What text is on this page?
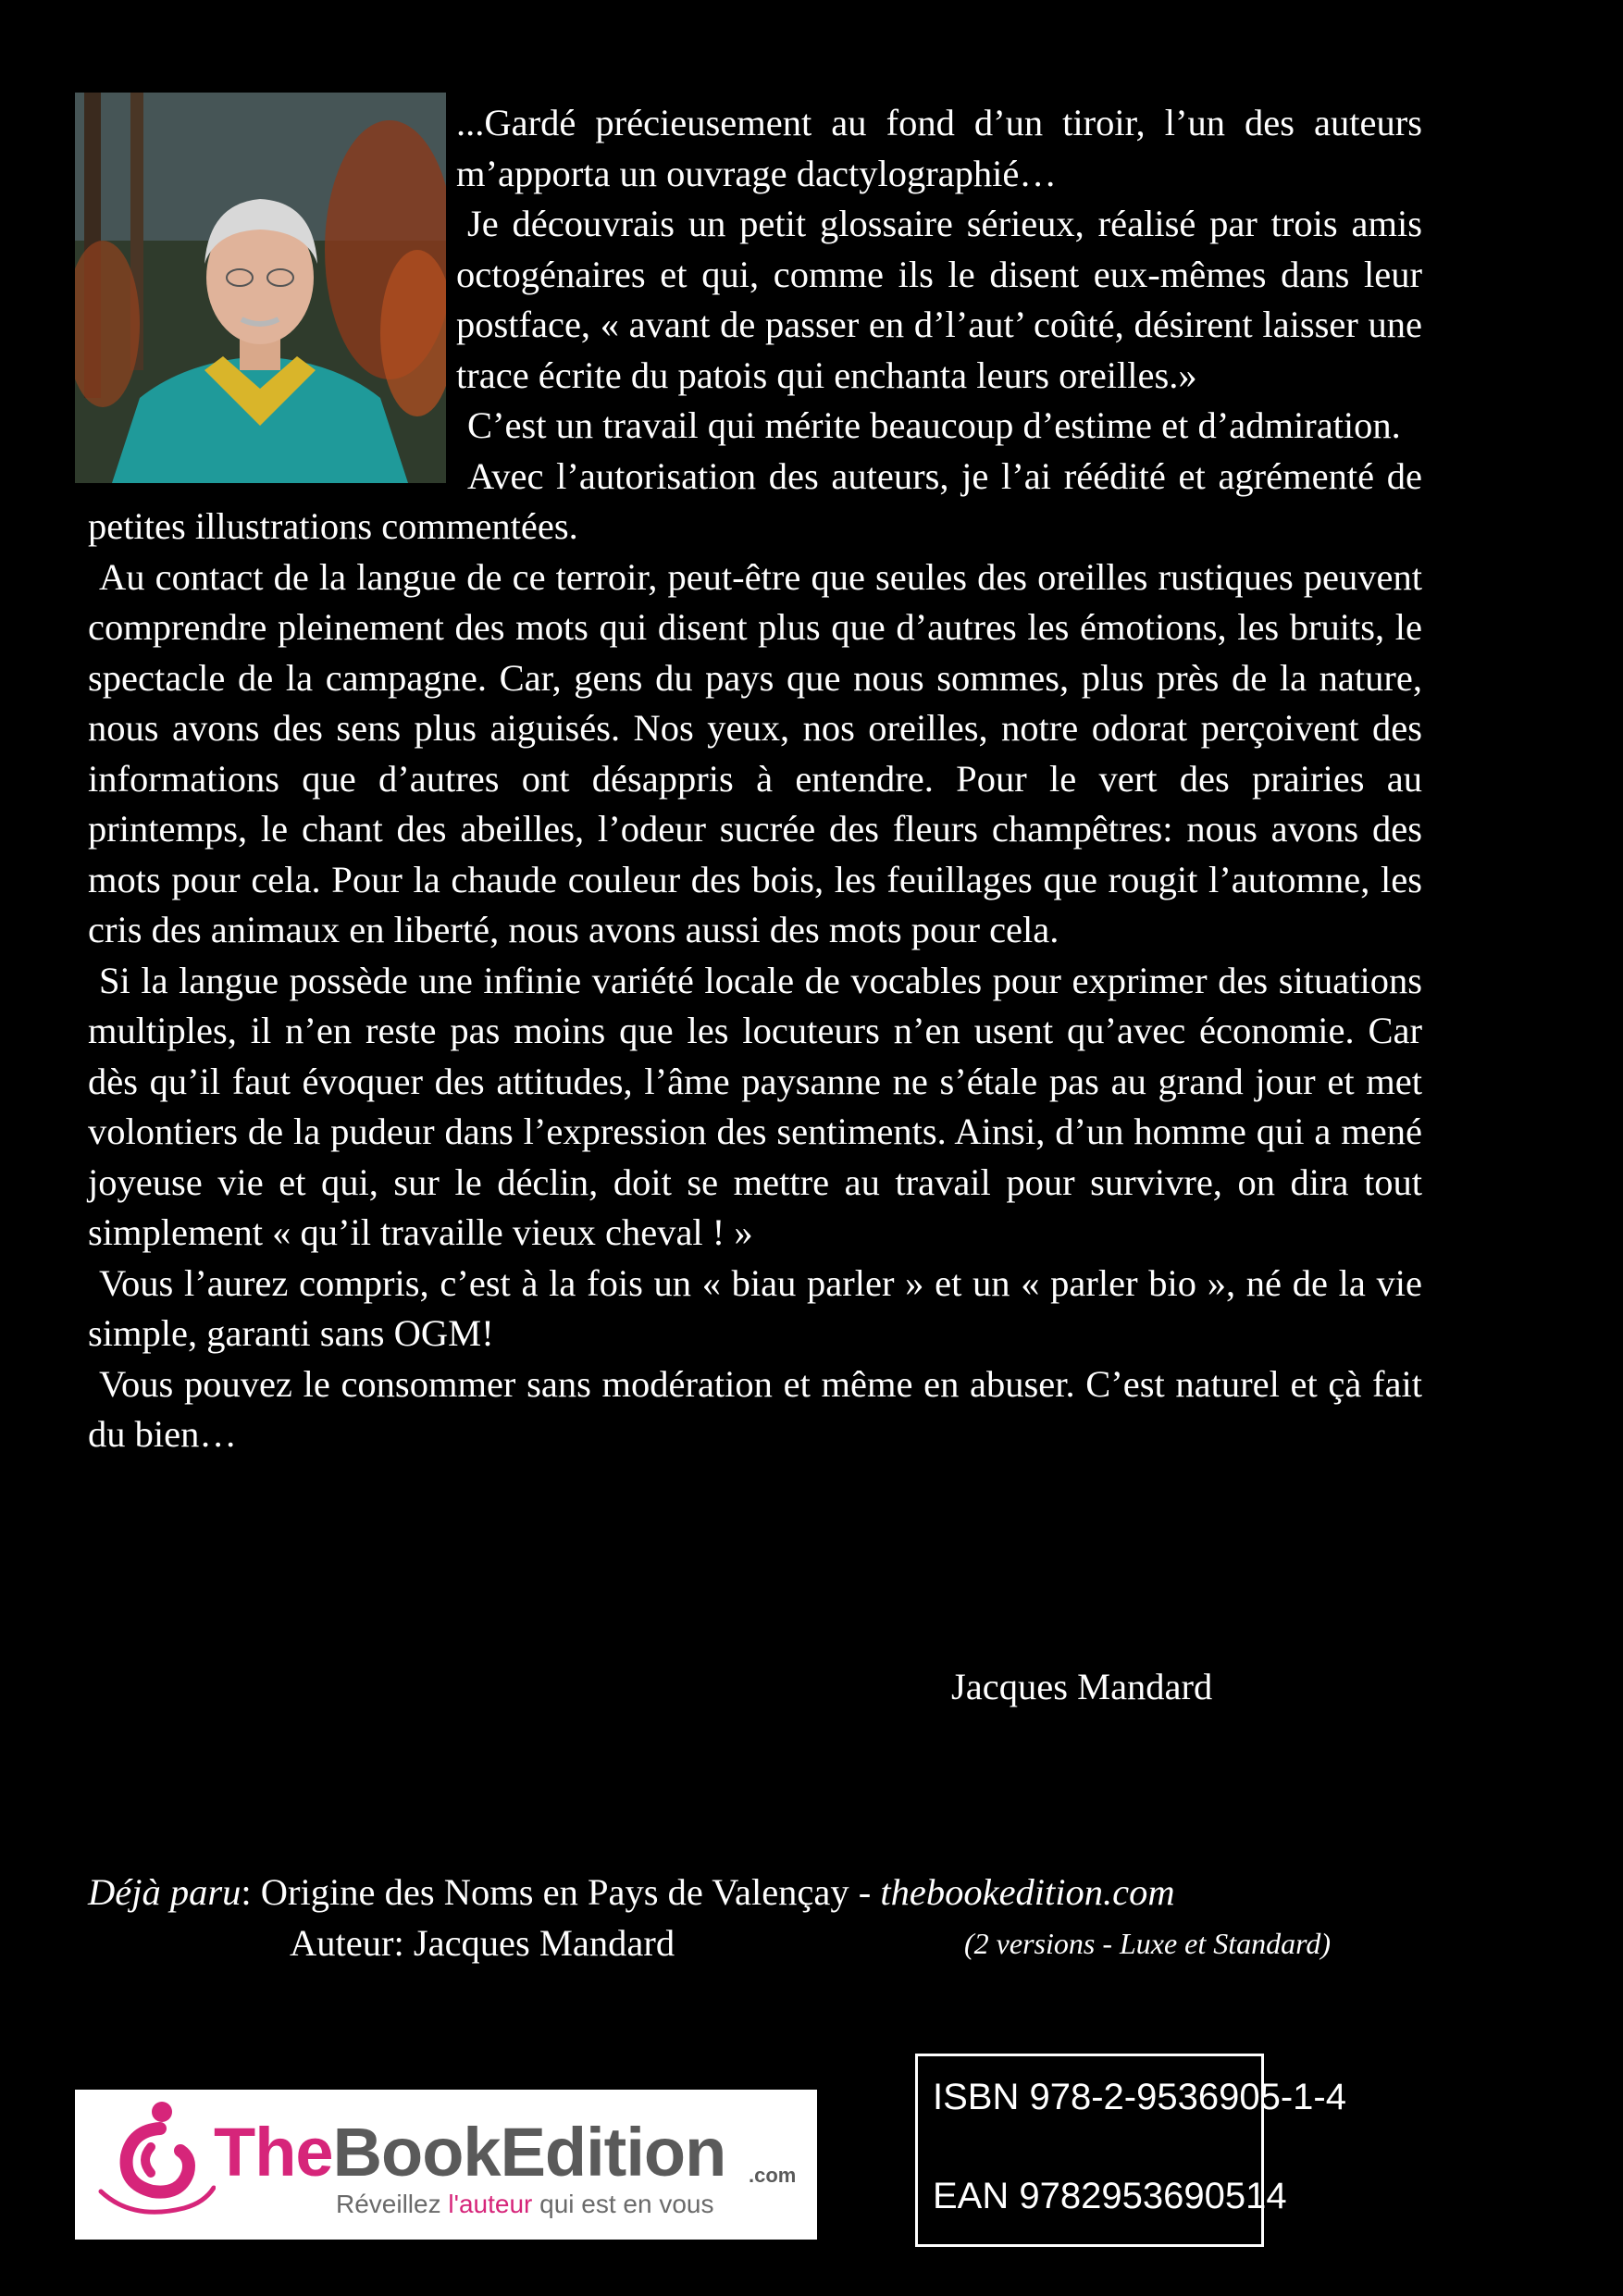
...Gardé précieusement au fond d’un tiroir, l’un des auteurs m’apporta un ouvrage dactylographié…

Je découvrais un petit glossaire sérieux, réalisé par trois amis octogénaires et qui, comme ils le disent eux-mêmes dans leur postface, « avant de passer en d’l’aut’ coûté, désirent laisser une trace écrite du patois qui enchanta leurs oreilles.»

C’est un travail qui mérite beaucoup d’estime et d’admiration.

Avec l’autorisation des auteurs, je l’ai réédité et agrémenté de petites illustrations commentées.

Au contact de la langue de ce terroir, peut-être que seules des oreilles rustiques peuvent comprendre pleinement des mots qui disent plus que d’autres les émotions, les bruits, le spectacle de la campagne. Car, gens du pays que nous sommes, plus près de la nature, nous avons des sens plus aiguisés. Nos yeux, nos oreilles, notre odorat perçoivent des informations que d’autres ont désappris à entendre. Pour le vert des prairies au printemps, le chant des abeilles, l’odeur sucrée des fleurs champêtres: nous avons des mots pour cela. Pour la chaude couleur des bois, les feuillages que rougit l’automne, les cris des animaux en liberté, nous avons aussi des mots pour cela.

Si la langue possède une infinie variété locale de vocables pour exprimer des situations multiples, il n’en reste pas moins que les locuteurs n’en usent qu’avec économie. Car dès qu’il faut évoquer des attitudes, l’âme paysanne ne s’étale pas au grand jour et met volontiers de la pudeur dans l’expression des sentiments. Ainsi, d’un homme qui a mené joyeuse vie et qui, sur le déclin, doit se mettre au travail pour survivre, on dira tout simplement « qu’il travaille vieux cheval ! »

Vous l’aurez compris, c’est à la fois un « biau parler » et un « parler bio », né de la vie simple, garanti sans OGM!

Vous pouvez le consommer sans modération et même en abuser. C’est naturel et çà fait du bien…

Jacques Mandard
Déjà paru: Origine des Noms en Pays de Valençay - thebookedition.com
Auteur: Jacques Mandard	(2 versions - Luxe et Standard)
TheBookEdition .com
Réveillez l'auteur qui est en vous
ISBN 978-2-9536905-1-4
EAN 9782953690514
